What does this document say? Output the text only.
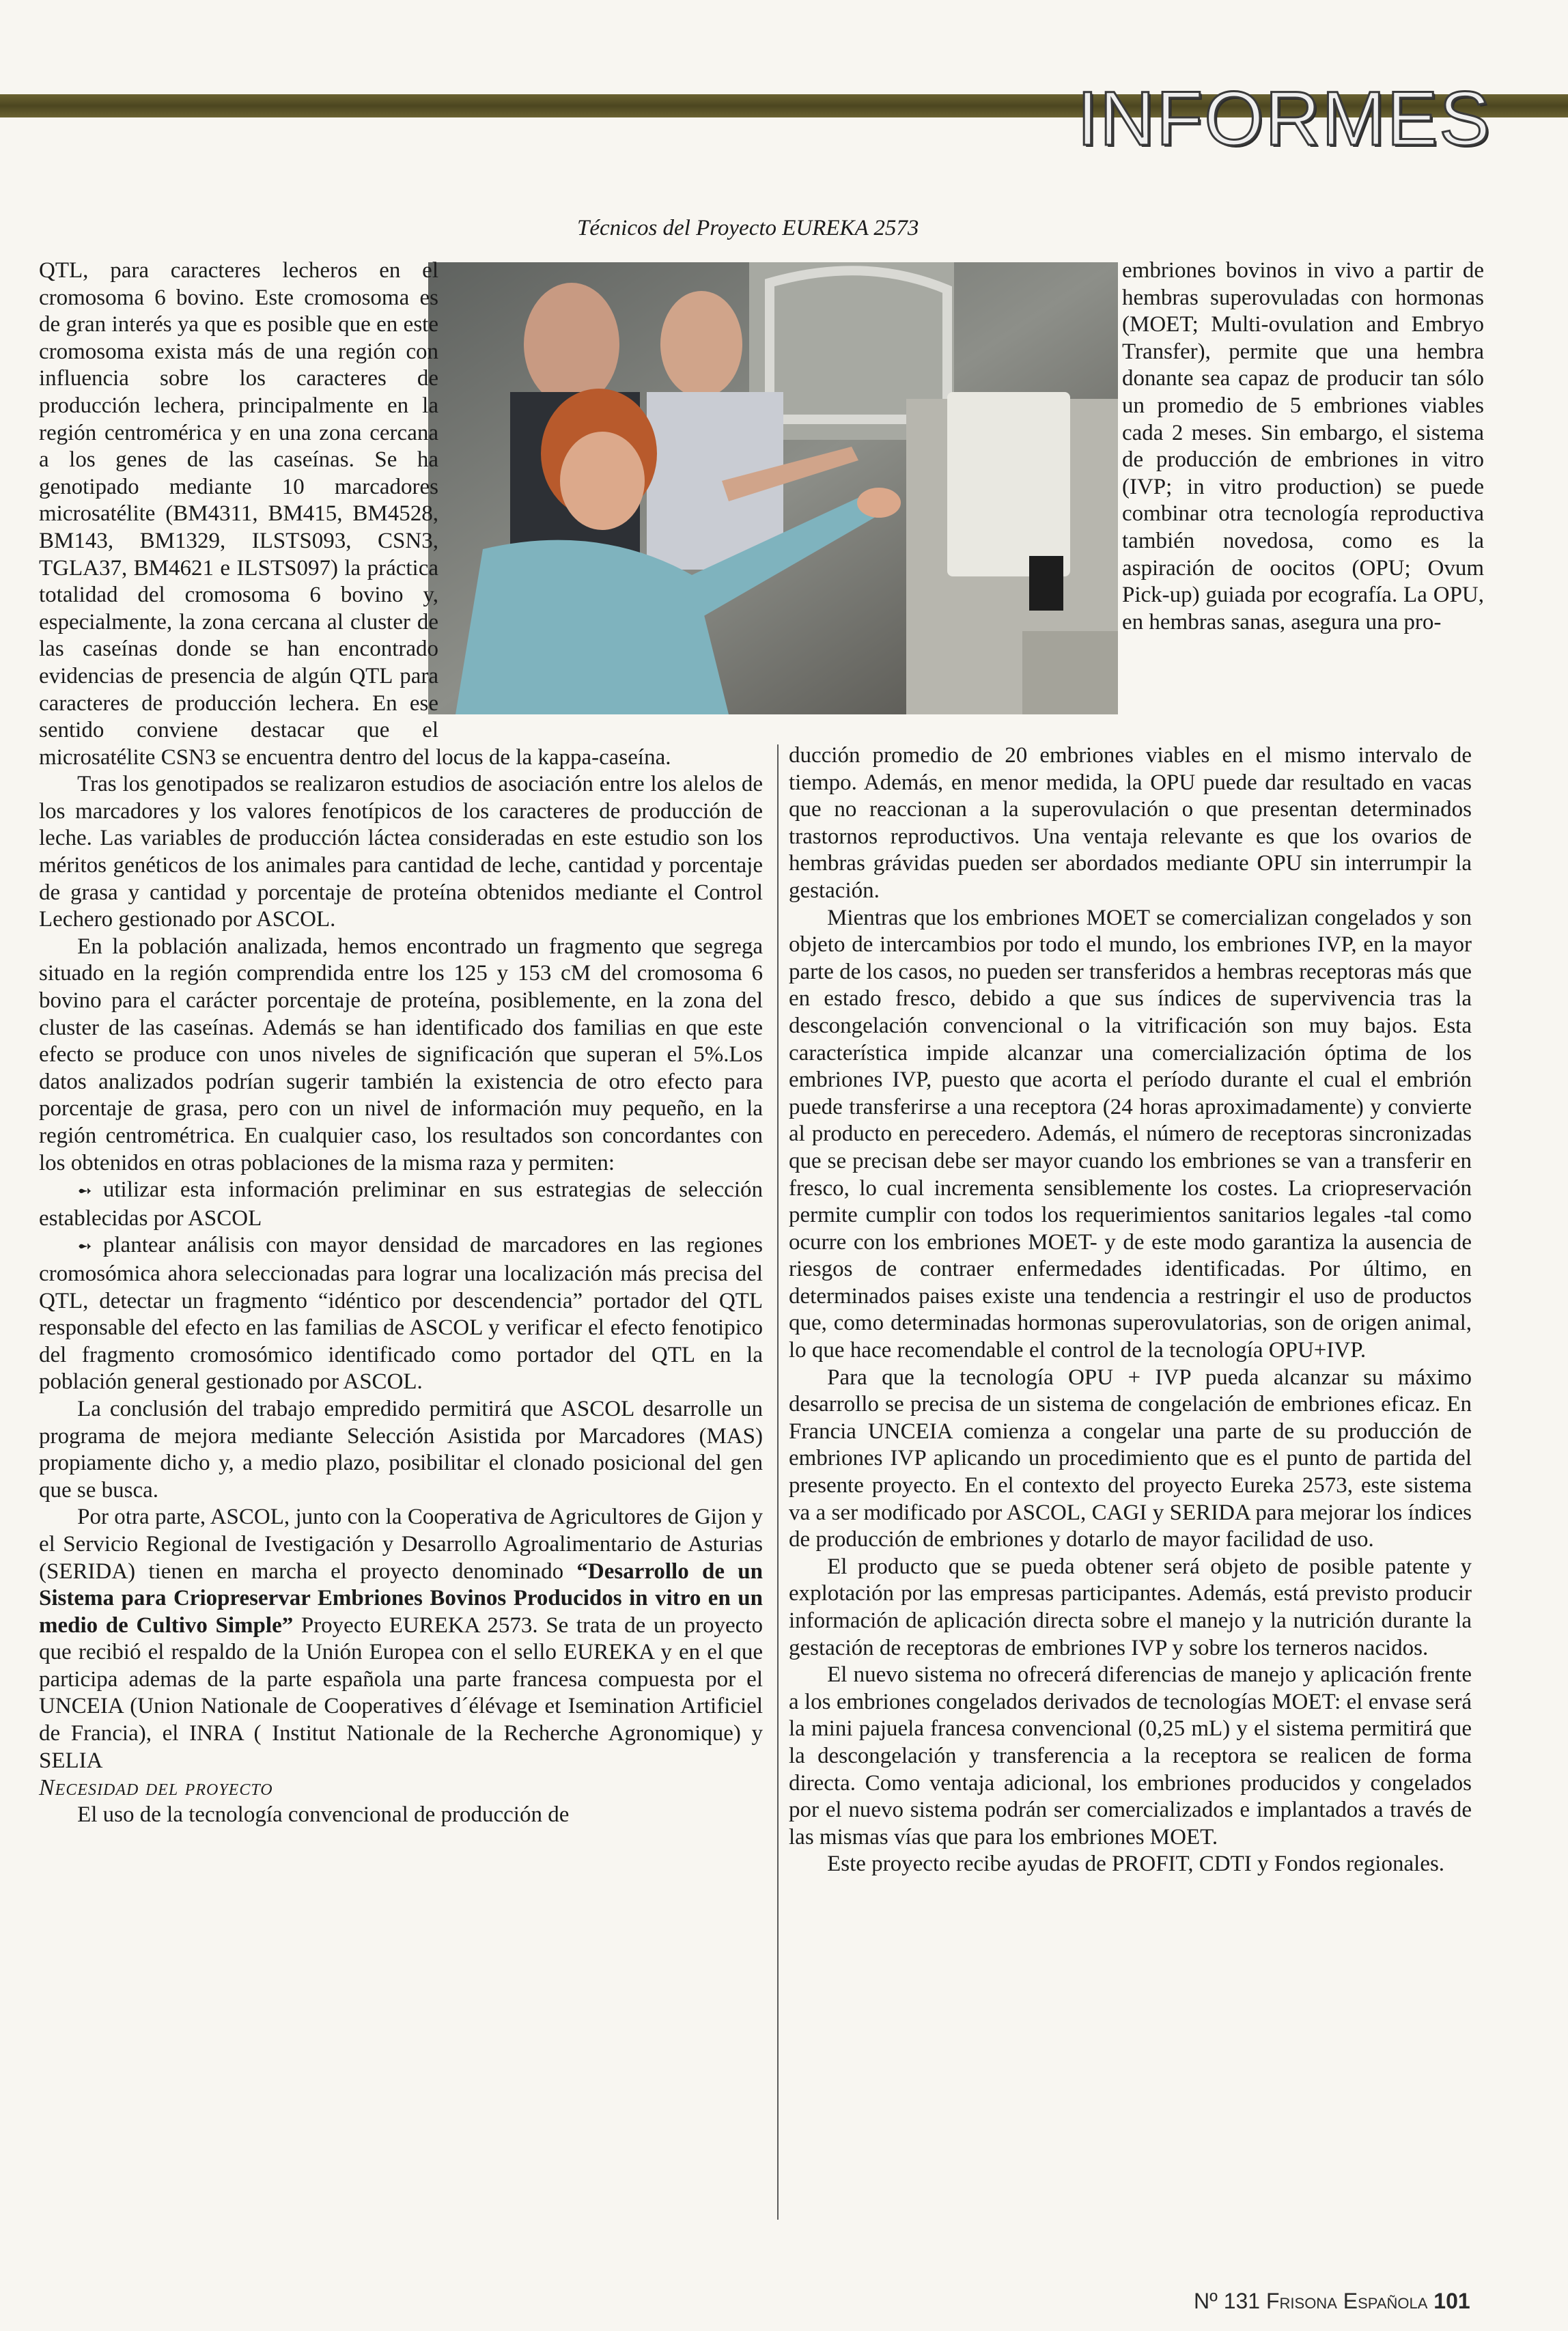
INFORMES
Técnicos del Proyecto EUREKA 2573

QTL, para caracteres lecheros en el cromosoma 6 bovino. Este cromosoma es de gran interés ya que es posible que en este cromosoma exista más de una región con influencia sobre los caracteres de producción lechera, principalmente en la región centromérica y en una zona cercana a los genes de las caseínas. Se ha genotipado mediante 10 marcadores microsatélite (BM4311, BM415, BM4528, BM143, BM1329, ILSTS093, CSN3, TGLA37, BM4621 e ILSTS097) la práctica totalidad del cromosoma 6 bovino y, especialmente, la zona cercana al cluster de las caseínas donde se han encontrado evidencias de presencia de algún QTL para caracteres de producción lechera. En ese sentido conviene destacar que el microsatélite CSN3 se encuentra dentro del locus de la kappa-caseína.

Tras los genotipados se realizaron estudios de asociación entre los alelos de los marcadores y los valores fenotípicos de los caracteres de producción de leche. Las variables de producción láctea consideradas en este estudio son los méritos genéticos de los animales para cantidad de leche, cantidad y porcentaje de grasa y cantidad y porcentaje de proteína obtenidos mediante el Control Lechero gestionado por ASCOL.

En la población analizada, hemos encontrado un fragmento que segrega situado en la región comprendida entre los 125 y 153 cM del cromosoma 6 bovino para el carácter porcentaje de proteína, posiblemente, en la zona del cluster de las caseínas. Además se han identificado dos familias en que este efecto se produce con unos niveles de significación que superan el 5%.Los datos analizados podrían sugerir también la existencia de otro efecto para porcentaje de grasa, pero con un nivel de información muy pequeño, en la región centrométrica. En cualquier caso, los resultados son concordantes con los obtenidos en otras poblaciones de la misma raza y permiten:

➻ utilizar esta información preliminar en sus estrategias de selección establecidas por ASCOL

➻ plantear análisis con mayor densidad de marcadores en las regiones cromosómica ahora seleccionadas para lograr una localización más precisa del QTL, detectar un fragmento “idéntico por descendencia” portador del QTL responsable del efecto en las familias de ASCOL y verificar el efecto fenotipico del fragmento cromosómico identificado como portador del QTL en la población general gestionado por ASCOL.

La conclusión del trabajo empredido permitirá que ASCOL desarrolle un programa de mejora mediante Selección Asistida por Marcadores (MAS) propiamente dicho y, a medio plazo, posibilitar el clonado posicional del gen que se busca.

Por otra parte, ASCOL, junto con la Cooperativa de Agricultores de Gijon y el Servicio Regional de Ivestigación y Desarrollo Agroalimentario de Asturias (SERIDA) tienen en marcha el proyecto denominado “Desarrollo de un Sistema para Criopreservar Embriones Bovinos Producidos in vitro en un medio de Cultivo Simple” Proyecto EUREKA 2573. Se trata de un proyecto que recibió el respaldo de la Unión Europea con el sello EUREKA y en el que participa ademas de la parte española una parte francesa compuesta por el UNCEIA (Union Nationale de Cooperatives d´élévage et Isemination Artificiel de Francia), el INRA ( Institut Nationale de la Recherche Agronomique) y SELIA

Necesidad del proyecto

El uso de la tecnología convencional de producción de

embriones bovinos in vivo a partir de hembras superovuladas con hormonas (MOET; Multi-ovulation and Embryo Transfer), permite que una hembra donante sea capaz de producir tan sólo un promedio de 5 embriones viables cada 2 meses. Sin embargo, el sistema de producción de embriones in vitro (IVP; in vitro production) se puede combinar otra tecnología reproductiva también novedosa, como es la aspiración de oocitos (OPU; Ovum Pick-up) guiada por ecografía. La OPU, en hembras sanas, asegura una pro-

ducción promedio de 20 embriones viables en el mismo intervalo de tiempo. Además, en menor medida, la OPU puede dar resultado en vacas que no reaccionan a la superovulación o que presentan determinados trastornos reproductivos. Una ventaja relevante es que los ovarios de hembras grávidas pueden ser abordados mediante OPU sin interrumpir la gestación.

Mientras que los embriones MOET se comercializan congelados y son objeto de intercambios por todo el mundo, los embriones IVP, en la mayor parte de los casos, no pueden ser transferidos a hembras receptoras más que en estado fresco, debido a que sus índices de supervivencia tras la descongelación convencional o la vitrificación son muy bajos. Esta característica impide alcanzar una comercialización óptima de los embriones IVP, puesto que acorta el período durante el cual el embrión puede transferirse a una receptora (24 horas aproximadamente) y convierte al producto en perecedero. Además, el número de receptoras sincronizadas que se precisan debe ser mayor cuando los embriones se van a transferir en fresco, lo cual incrementa sensiblemente los costes. La criopreservación permite cumplir con todos los requerimientos sanitarios legales -tal como ocurre con los embriones MOET- y de este modo garantiza la ausencia de riesgos de contraer enfermedades identificadas. Por último, en determinados paises existe una tendencia a restringir el uso de productos que, como determinadas hormonas superovulatorias, son de origen animal, lo que hace recomendable el control de la tecnología OPU+IVP.

Para que la tecnología OPU + IVP pueda alcanzar su máximo desarrollo se precisa de un sistema de congelación de embriones eficaz. En Francia UNCEIA comienza a congelar una parte de su producción de embriones IVP aplicando un procedimiento que es el punto de partida del presente proyecto. En el contexto del proyecto Eureka 2573, este sistema va a ser modificado por ASCOL, CAGI y SERIDA para mejorar los índices de producción de embriones y dotarlo de mayor facilidad de uso.

El producto que se pueda obtener será objeto de posible patente y explotación por las empresas participantes. Además, está previsto producir información de aplicación directa sobre el manejo y la nutrición durante la gestación de receptoras de embriones IVP y sobre los terneros nacidos.

El nuevo sistema no ofrecerá diferencias de manejo y aplicación frente a los embriones congelados derivados de tecnologías MOET: el envase será la mini pajuela francesa convencional (0,25 mL) y el sistema permitirá que la descongelación y transferencia a la receptora se realicen de forma directa. Como ventaja adicional, los embriones producidos y congelados por el nuevo sistema podrán ser comercializados e implantados a través de las mismas vías que para los embriones MOET.

Este proyecto recibe ayudas de PROFIT, CDTI y Fondos regionales.

Nº 131 Frisona Española 101
